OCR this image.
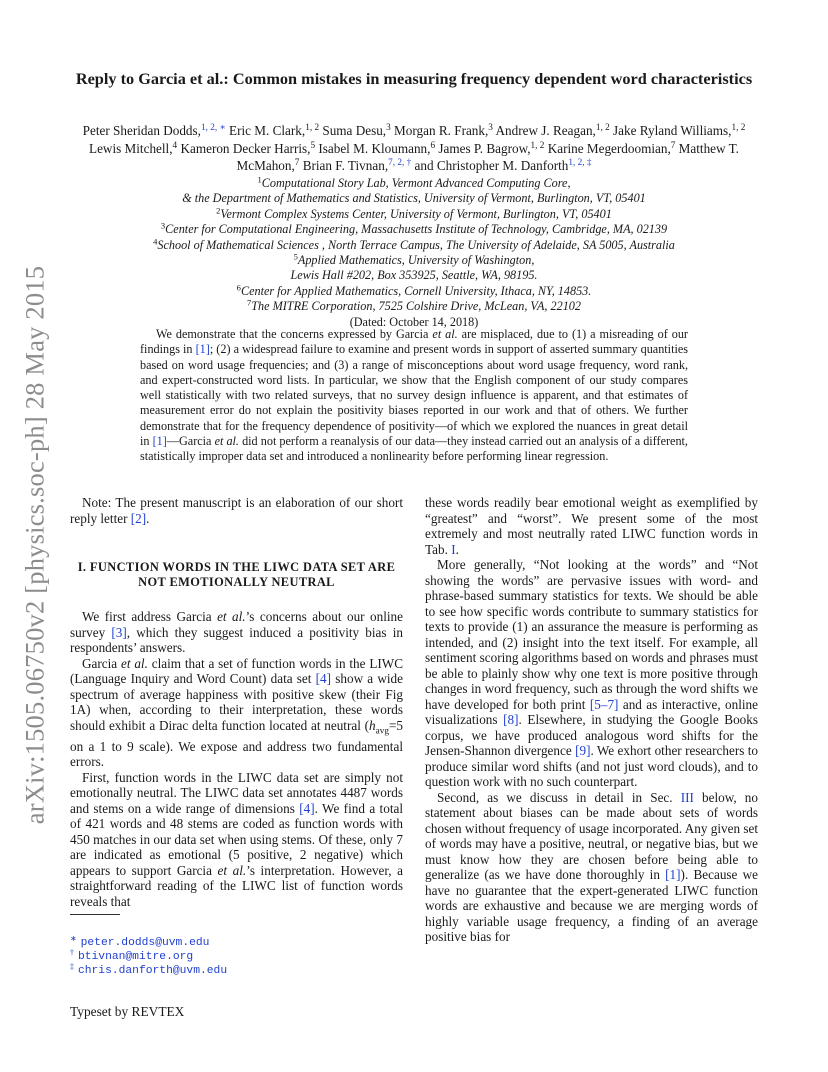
arXiv:1505.06750v2 [physics.soc-ph] 28 May 2015
Reply to Garcia et al.: Common mistakes in measuring frequency dependent word characteristics
Peter Sheridan Dodds,$^{1, 2, ∗}$ Eric M. Clark,$^{1, 2}$ Suma Desu,$^3$ Morgan R. Frank,$^3$ Andrew J. Reagan,$^{1, 2}$ Jake Ryland Williams,$^{1, 2}$ Lewis Mitchell,$^4$ Kameron Decker Harris,$^5$ Isabel M. Kloumann,$^6$ James P. Bagrow,$^{1, 2}$ Karine Megerdoomian,$^7$ Matthew T. McMahon,$^7$ Brian F. Tivnan,$^{7, 2, \dagger}$ and Christopher M. Danforth$^{1, 2, \ddagger}$
$^1$Computational Story Lab, Vermont Advanced Computing Core,
& the Department of Mathematics and Statistics, University of Vermont, Burlington, VT, 05401
$^2$Vermont Complex Systems Center, University of Vermont, Burlington, VT, 05401
$^3$Center for Computational Engineering, Massachusetts Institute of Technology, Cambridge, MA, 02139
$^4$School of Mathematical Sciences , North Terrace Campus, The University of Adelaide, SA 5005, Australia
$^5$Applied Mathematics, University of Washington,
Lewis Hall #202, Box 353925, Seattle, WA, 98195.
$^6$Center for Applied Mathematics, Cornell University, Ithaca, NY, 14853.
$^7$The MITRE Corporation, 7525 Colshire Drive, McLean, VA, 22102
(Dated: October 14, 2018)
We demonstrate that the concerns expressed by Garcia et al. are misplaced, due to (1) a misreading of our findings in [1]; (2) a widespread failure to examine and present words in support of asserted summary quantities based on word usage frequencies; and (3) a range of misconceptions about word usage frequency, word rank, and expert-constructed word lists. In particular, we show that the English component of our study compares well statistically with two related surveys, that no survey design influence is apparent, and that estimates of measurement error do not explain the positivity biases reported in our work and that of others. We further demonstrate that for the frequency dependence of positivity—of which we explored the nuances in great detail in [1]—Garcia et al. did not perform a reanalysis of our data—they instead carried out an analysis of a different, statistically improper data set and introduced a nonlinearity before performing linear regression.

Note: The present manuscript is an elaboration of our short reply letter [2].

I. FUNCTION WORDS IN THE LIWC DATA SET ARE NOT EMOTIONALLY NEUTRAL

We first address Garcia et al.’s concerns about our online survey [3], which they suggest induced a positivity bias in respondents’ answers.

Garcia et al. claim that a set of function words in the LIWC (Language Inquiry and Word Count) data set [4] show a wide spectrum of average happiness with positive skew (their Fig 1A) when, according to their interpretation, these words should exhibit a Dirac delta function located at neutral ($h_{avg}=5$ on a 1 to 9 scale). We expose and address two fundamental errors.

First, function words in the LIWC data set are simply not emotionally neutral. The LIWC data set annotates 4487 words and stems on a wide range of dimensions [4]. We find a total of 421 words and 48 stems are coded as function words with 450 matches in our data set when using stems. Of these, only 7 are indicated as emotional (5 positive, 2 negative) which appears to support Garcia et al.’s interpretation. However, a straightforward reading of the LIWC list of function words reveals that

these words readily bear emotional weight as exemplified by “greatest” and “worst”. We present some of the most extremely and most neutrally rated LIWC function words in Tab. I.

More generally, “Not looking at the words” and “Not showing the words” are pervasive issues with word- and phrase-based summary statistics for texts. We should be able to see how specific words contribute to summary statistics for texts to provide (1) an assurance the measure is performing as intended, and (2) insight into the text itself. For example, all sentiment scoring algorithms based on words and phrases must be able to plainly show why one text is more positive through changes in word frequency, such as through the word shifts we have developed for both print [5–7] and as interactive, online visualizations [8]. Elsewhere, in studying the Google Books corpus, we have produced analogous word shifts for the Jensen-Shannon divergence [9]. We exhort other researchers to produce similar word shifts (and not just word clouds), and to question work with no such counterpart.

Second, as we discuss in detail in Sec. III below, no statement about biases can be made about sets of words chosen without frequency of usage incorporated. Any given set of words may have a positive, neutral, or negative bias, but we must know how they are chosen before being able to generalize (as we have done thoroughly in [1]). Because we have no guarantee that the expert-generated LIWC function words are exhaustive and because we are merging words of highly variable usage frequency, a finding of an average positive bias for

∗ peter.dodds@uvm.edu
† btivnan@mitre.org
‡ chris.danforth@uvm.edu
Typeset by REVTEX
